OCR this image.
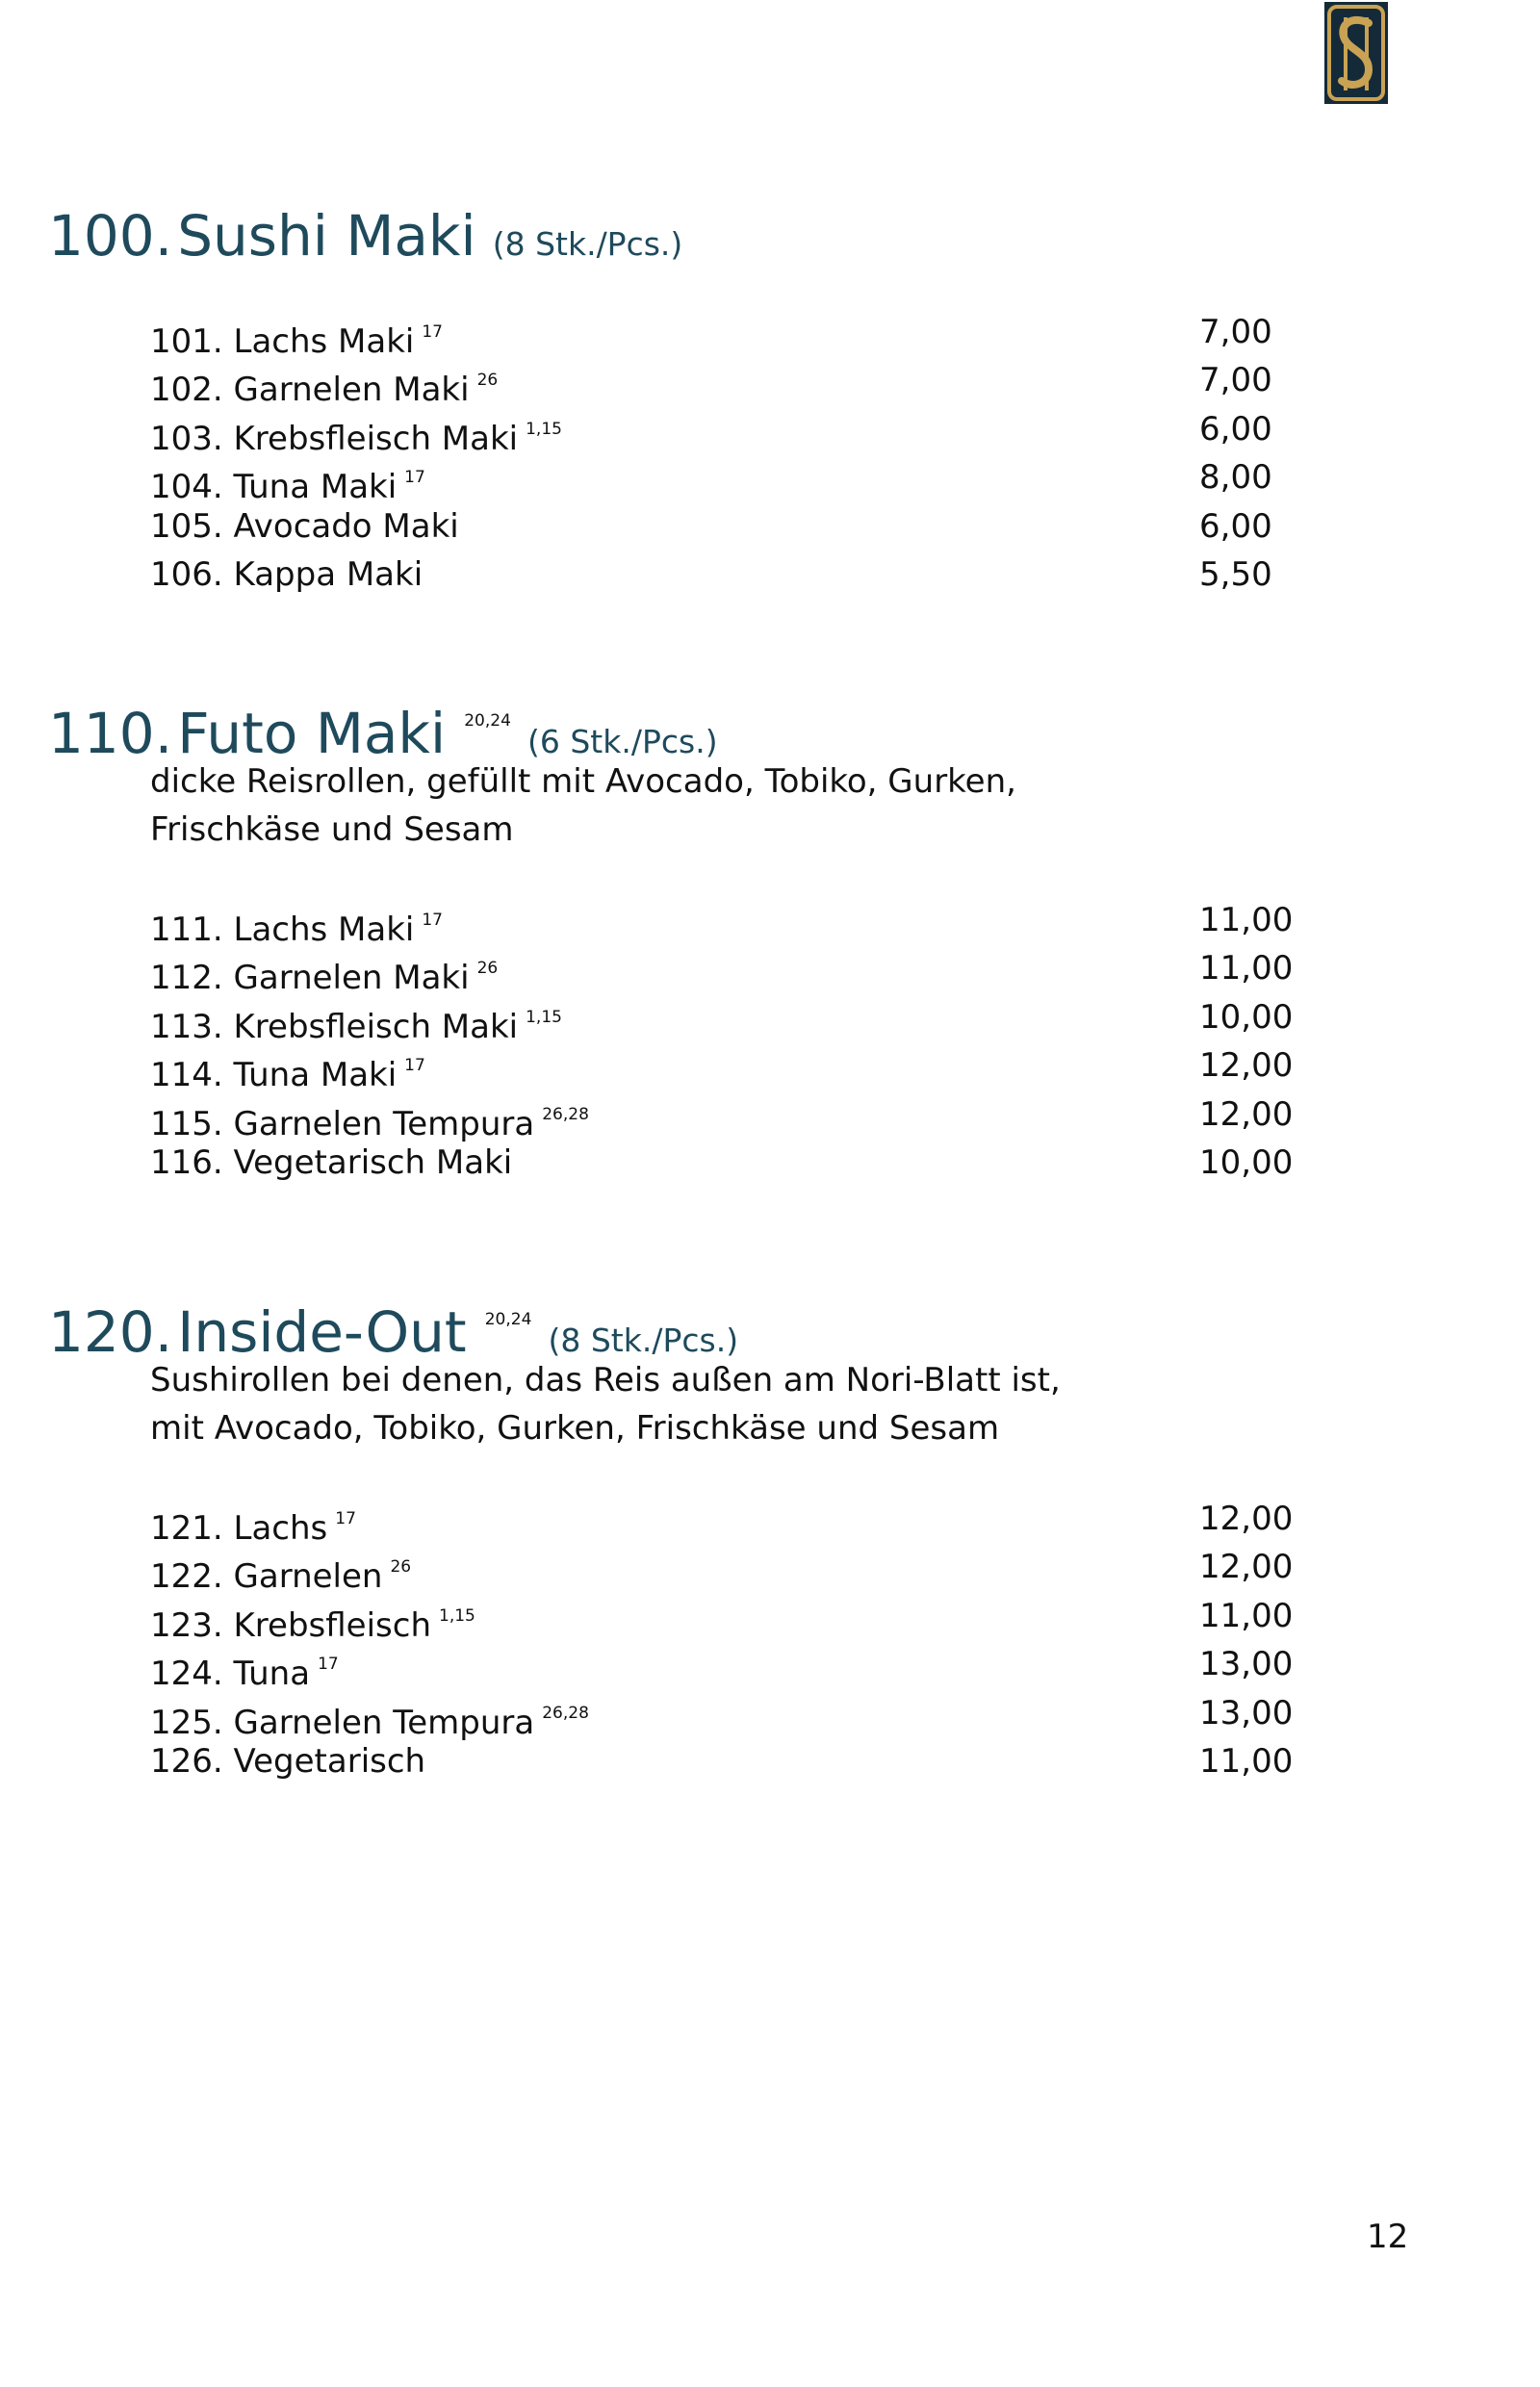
100. Sushi Maki (8 Stk./Pcs.)
101. Lachs Maki $^{17}$	7,00
102. Garnelen Maki $^{26}$	7,00
103. Krebsfleisch Maki $^{1,15}$	6,00
104. Tuna Maki $^{17}$	8,00
105. Avocado Maki	6,00
106. Kappa Maki	5,50
110. Futo Maki $^{20,24}$ (6 Stk./Pcs.)

dicke Reisrollen, gefüllt mit Avocado, Tobiko, Gurken,

Frischkäse und Sesam

111. Lachs Maki $^{17}$	11,00
112. Garnelen Maki $^{26}$	11,00
113. Krebsfleisch Maki $^{1,15}$	10,00
114. Tuna Maki $^{17}$	12,00
115. Garnelen Tempura $^{26,28}$	12,00
116. Vegetarisch Maki	10,00
120. Inside-Out $^{20,24}$ (8 Stk./Pcs.)

Sushirollen bei denen, das Reis außen am Nori-Blatt ist,

mit Avocado, Tobiko, Gurken, Frischkäse und Sesam

121. Lachs $^{17}$	12,00
122. Garnelen $^{26}$	12,00
123. Krebsfleisch $^{1,15}$	11,00
124. Tuna $^{17}$	13,00
125. Garnelen Tempura $^{26,28}$	13,00
126. Vegetarisch	11,00
12
